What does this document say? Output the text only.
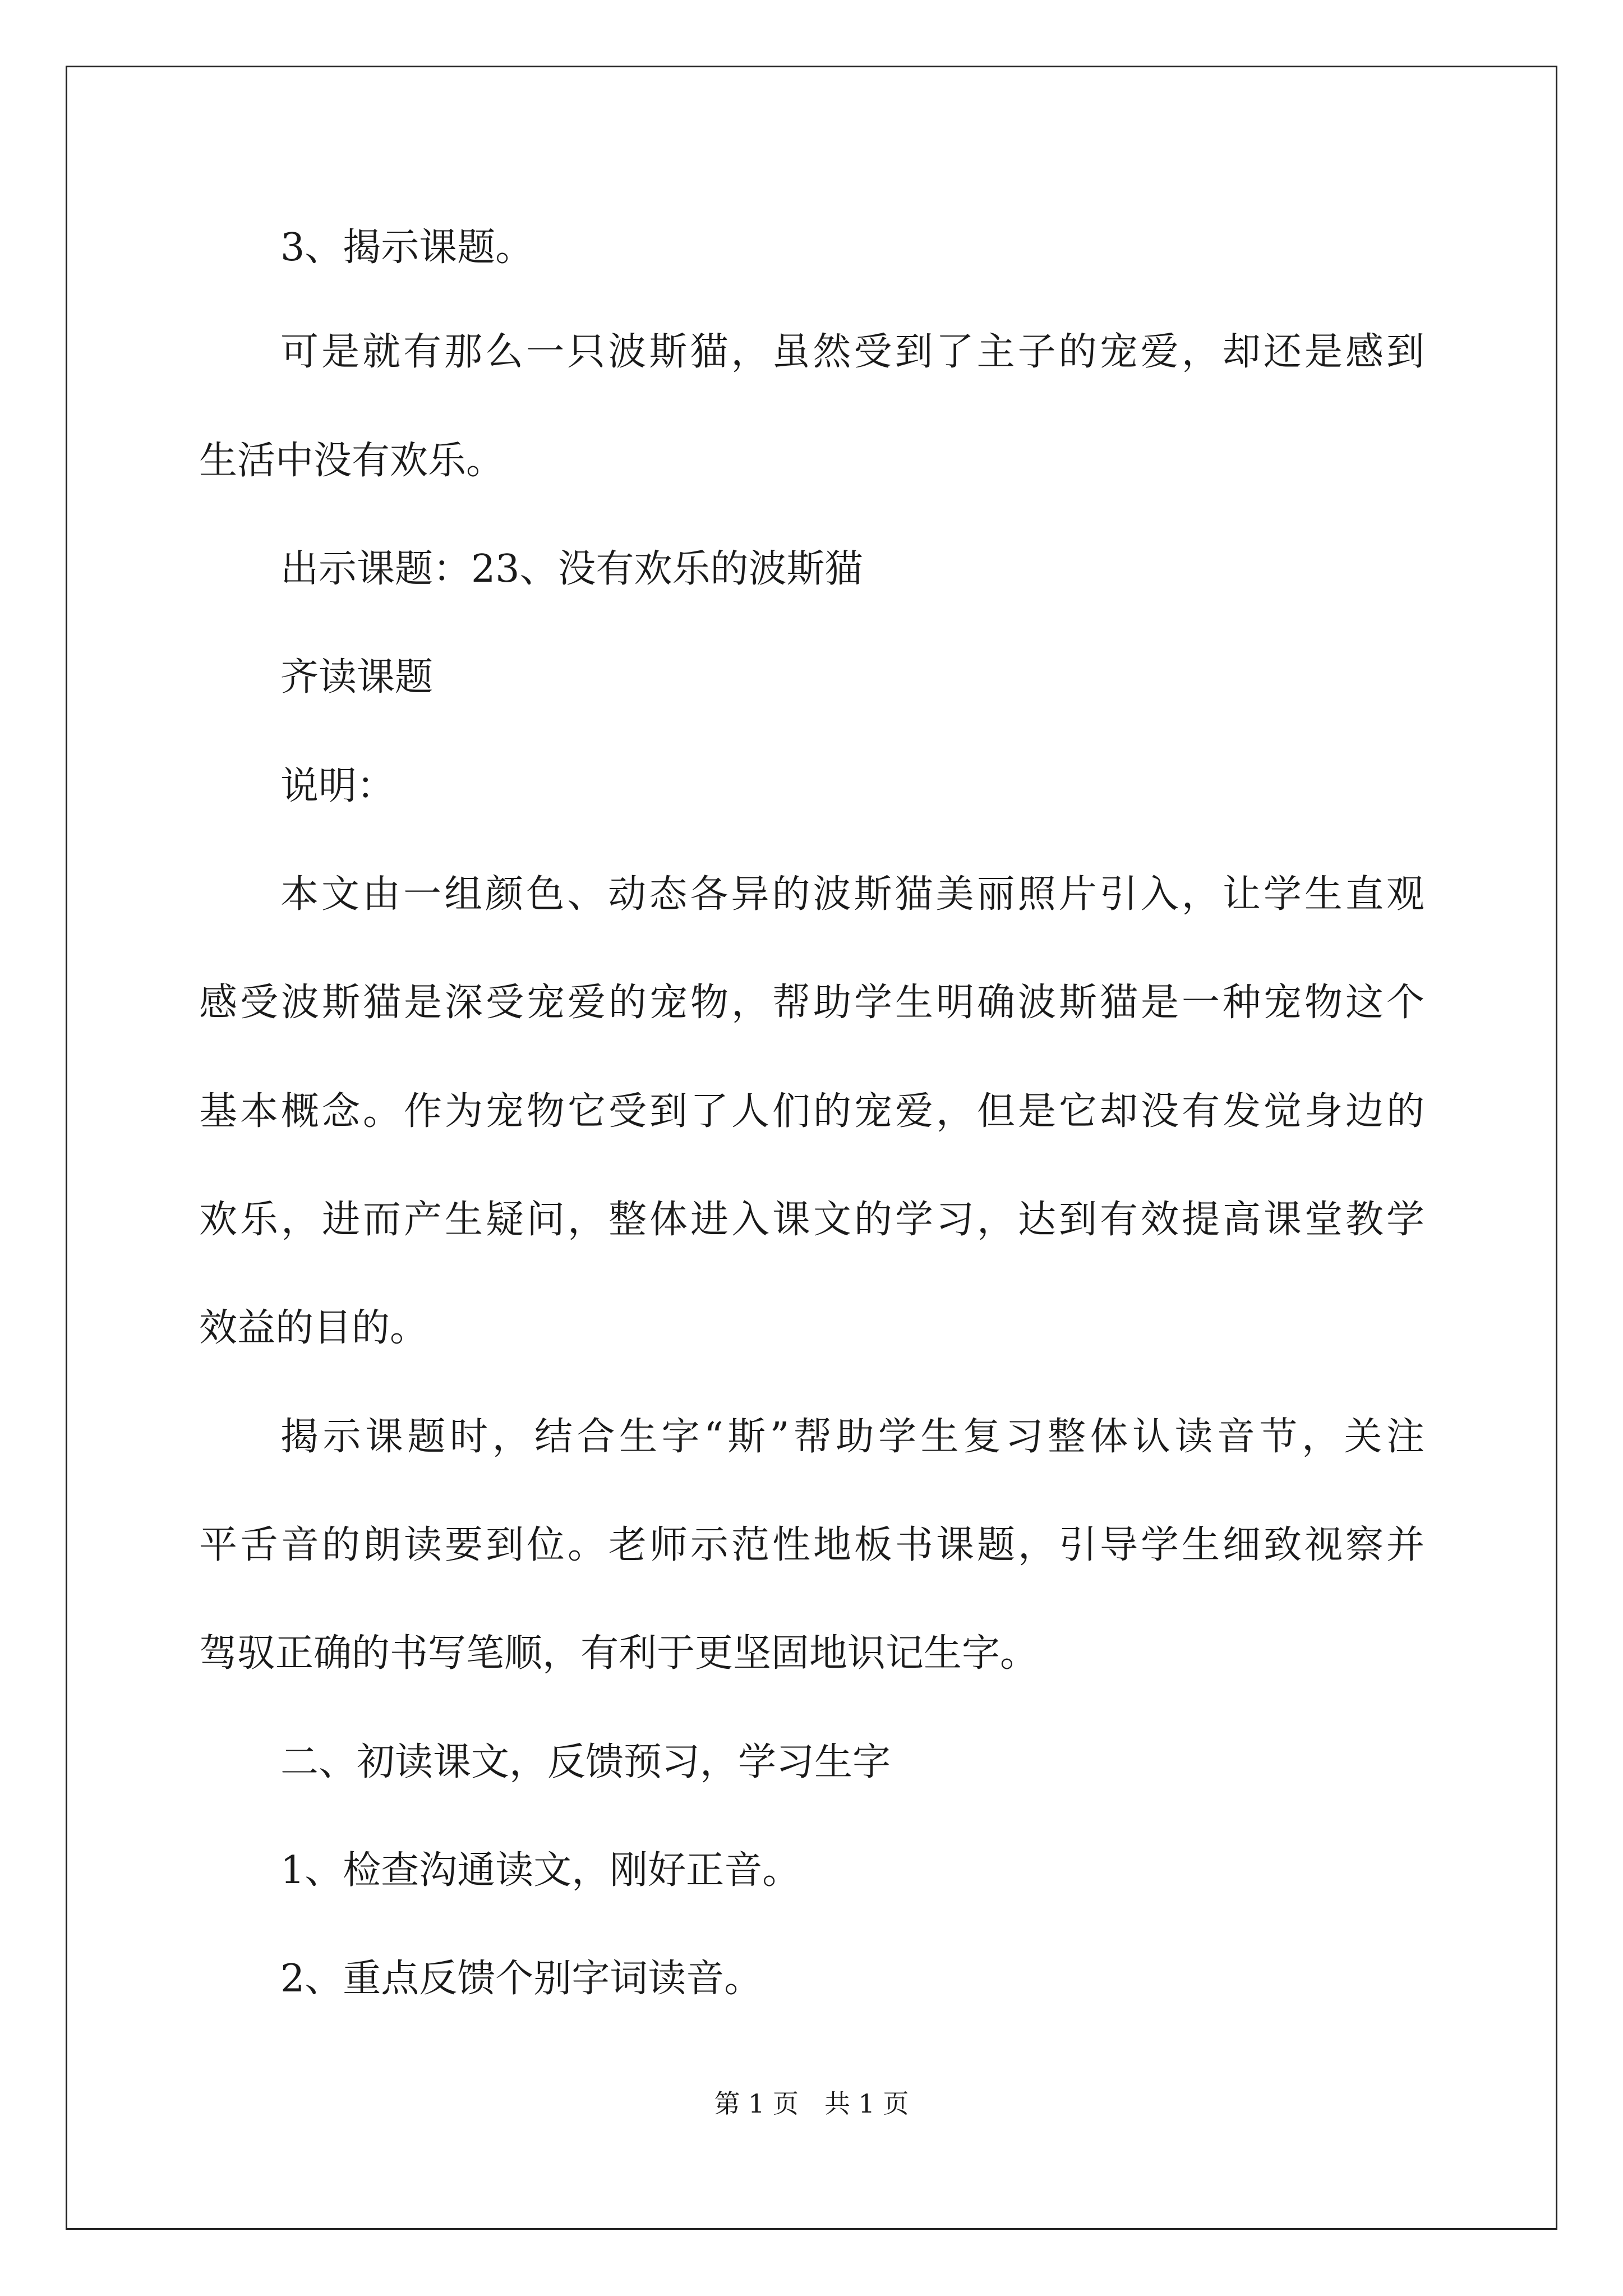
3、揭示课题。

可是就有那么一只波斯猫，虽然受到了主子的宠爱，却还是感到

生活中没有欢乐。

出示课题：23、没有欢乐的波斯猫

齐读课题

说明：

本文由一组颜色、动态各异的波斯猫美丽照片引入，让学生直观

感受波斯猫是深受宠爱的宠物，帮助学生明确波斯猫是一种宠物这个

基本概念。作为宠物它受到了人们的宠爱，但是它却没有发觉身边的

欢乐，进而产生疑问，整体进入课文的学习，达到有效提高课堂教学

效益的目的。

揭示课题时，结合生字“斯”帮助学生复习整体认读音节，关注

平舌音的朗读要到位。老师示范性地板书课题，引导学生细致视察并

驾驭正确的书写笔顺，有利于更坚固地识记生字。

二、初读课文，反馈预习，学习生字

1、检查沟通读文，刚好正音。

2、重点反馈个别字词读音。

第 1 页　共 1 页
